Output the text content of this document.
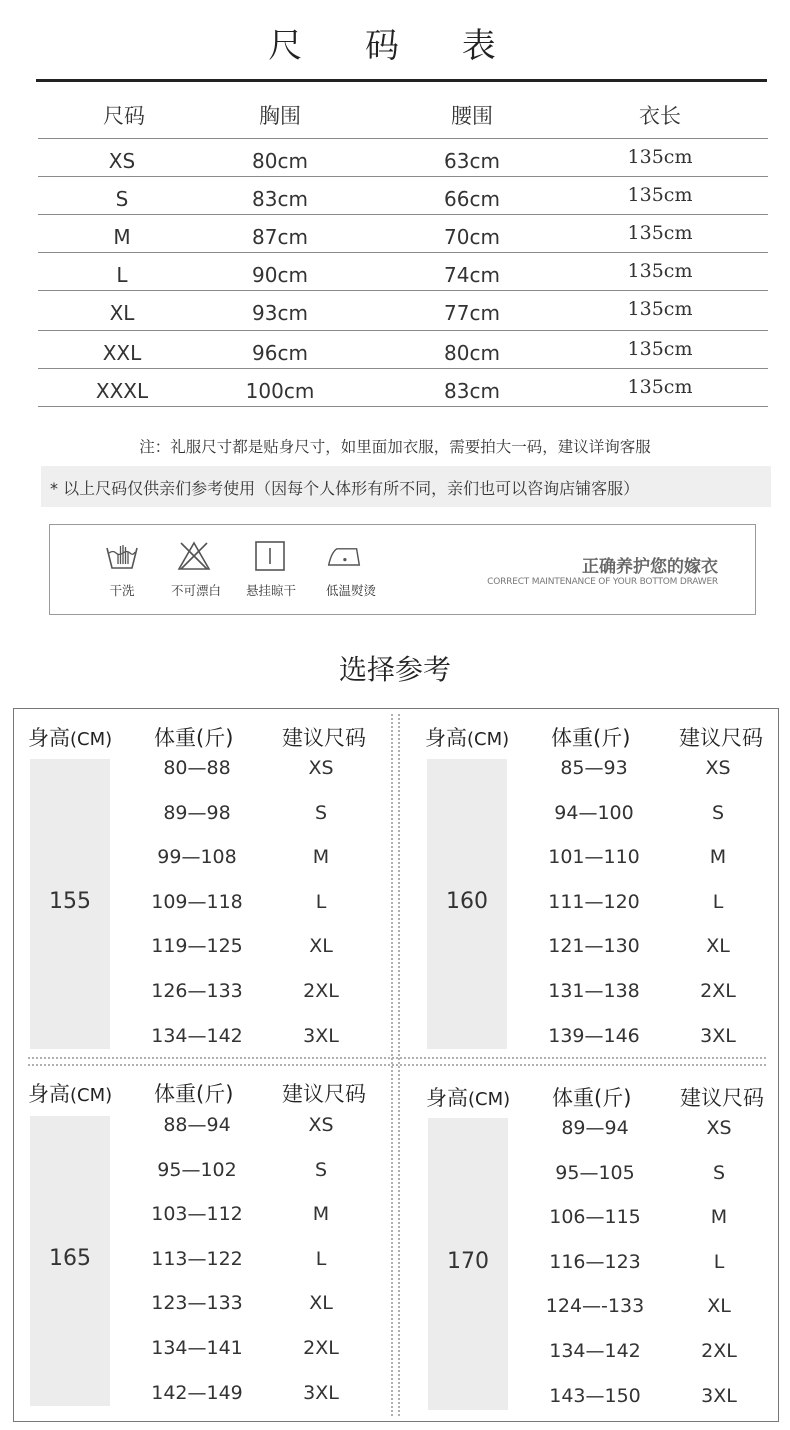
尺 码 表
尺码	胸围	腰围	衣长
XS	80cm	63cm	135cm
S	83cm	66cm	135cm
M	87cm	70cm	135cm
L	90cm	74cm	135cm
XL	93cm	77cm	135cm
XXL	96cm	80cm	135cm
XXXL	100cm	83cm	135cm
注：礼服尺寸都是贴身尺寸，如里面加衣服，需要拍大一码，建议详询客服
* 以上尺码仅供亲们参考使用（因每个人体形有所不同，亲们也可以咨询店铺客服）
干洗	不可漂白	悬挂晾干	低温熨烫
正确养护您的嫁衣
CORRECT MAINTENANCE OF YOUR BOTTOM DRAWER
选择参考
身高(CM) 体重(斤) 建议尺码
155
80—88	XS
89—98	S
99—108	M
109—118	L
119—125	XL
126—133	2XL
134—142	3XL
身高(CM) 体重(斤) 建议尺码
160
85—93	XS
94—100	S
101—110	M
111—120	L
121—130	XL
131—138	2XL
139—146	3XL
身高(CM) 体重(斤) 建议尺码
165
88—94	XS
95—102	S
103—112	M
113—122	L
123—133	XL
134—141	2XL
142—149	3XL
身高(CM) 体重(斤) 建议尺码
170
89—94	XS
95—105	S
106—115	M
116—123	L
124—-133	XL
134—142	2XL
143—150	3XL
